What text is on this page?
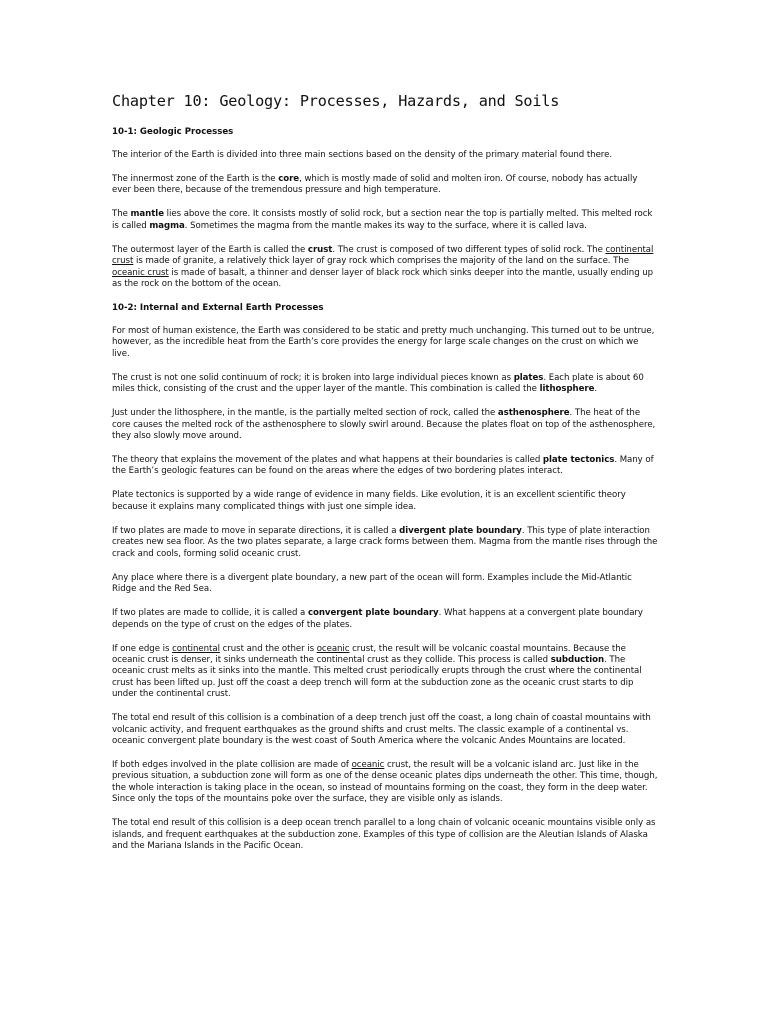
Chapter 10: Geology: Processes, Hazards, and Soils
10-1: Geologic Processes

The interior of the Earth is divided into three main sections based on the density of the primary material found there.

The innermost zone of the Earth is the core, which is mostly made of solid and molten iron. Of course, nobody has actually ever been there, because of the tremendous pressure and high temperature.

The mantle lies above the core. It consists mostly of solid rock, but a section near the top is partially melted. This melted rock is called magma. Sometimes the magma from the mantle makes its way to the surface, where it is called lava.

The outermost layer of the Earth is called the crust. The crust is composed of two different types of solid rock. The continental crust is made of granite, a relatively thick layer of gray rock which comprises the majority of the land on the surface. The oceanic crust is made of basalt, a thinner and denser layer of black rock which sinks deeper into the mantle, usually ending up as the rock on the bottom of the ocean.

10-2: Internal and External Earth Processes

For most of human existence, the Earth was considered to be static and pretty much unchanging. This turned out to be untrue, however, as the incredible heat from the Earth’s core provides the energy for large scale changes on the crust on which we live.

The crust is not one solid continuum of rock; it is broken into large individual pieces known as plates. Each plate is about 60 miles thick, consisting of the crust and the upper layer of the mantle. This combination is called the lithosphere.

Just under the lithosphere, in the mantle, is the partially melted section of rock, called the asthenosphere. The heat of the core causes the melted rock of the asthenosphere to slowly swirl around. Because the plates float on top of the asthenosphere, they also slowly move around.

The theory that explains the movement of the plates and what happens at their boundaries is called plate tectonics. Many of the Earth’s geologic features can be found on the areas where the edges of two bordering plates interact.

Plate tectonics is supported by a wide range of evidence in many fields. Like evolution, it is an excellent scientific theory because it explains many complicated things with just one simple idea.

If two plates are made to move in separate directions, it is called a divergent plate boundary. This type of plate interaction creates new sea floor. As the two plates separate, a large crack forms between them. Magma from the mantle rises through the crack and cools, forming solid oceanic crust.

Any place where there is a divergent plate boundary, a new part of the ocean will form. Examples include the Mid-Atlantic Ridge and the Red Sea.

If two plates are made to collide, it is called a convergent plate boundary. What happens at a convergent plate boundary depends on the type of crust on the edges of the plates.

If one edge is continental crust and the other is oceanic crust, the result will be volcanic coastal mountains. Because the oceanic crust is denser, it sinks underneath the continental crust as they collide. This process is called subduction. The oceanic crust melts as it sinks into the mantle. This melted crust periodically erupts through the crust where the continental crust has been lifted up. Just off the coast a deep trench will form at the subduction zone as the oceanic crust starts to dip under the continental crust.

The total end result of this collision is a combination of a deep trench just off the coast, a long chain of coastal mountains with volcanic activity, and frequent earthquakes as the ground shifts and crust melts. The classic example of a continental vs. oceanic convergent plate boundary is the west coast of South America where the volcanic Andes Mountains are located.

If both edges involved in the plate collision are made of oceanic crust, the result will be a volcanic island arc. Just like in the previous situation, a subduction zone will form as one of the dense oceanic plates dips underneath the other. This time, though, the whole interaction is taking place in the ocean, so instead of mountains forming on the coast, they form in the deep water. Since only the tops of the mountains poke over the surface, they are visible only as islands.

The total end result of this collision is a deep ocean trench parallel to a long chain of volcanic oceanic mountains visible only as islands, and frequent earthquakes at the subduction zone. Examples of this type of collision are the Aleutian Islands of Alaska and the Mariana Islands in the Pacific Ocean.
